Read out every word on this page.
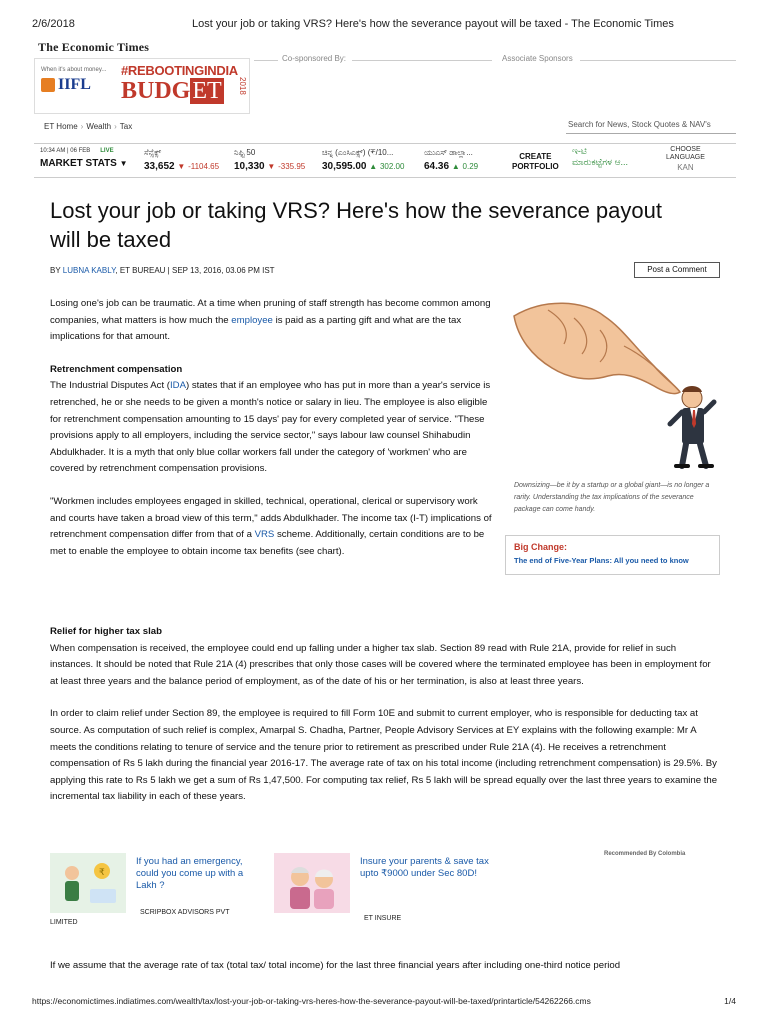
2/6/2018	Lost your job or taking VRS? Here's how the severance payout will be taxed - The Economic Times
The Economic Times
When it's about money...
IIFL
#REBOOTINGINDIA
BUDGET	2018
Co-sponsored By:	Associate Sponsors
ET Home › Wealth › Tax	Search for News, Stock Quotes & NAV's
10:34 AM | 06 FEB LIVE
MARKET STATS ▼
ಸೆನ್ಸೆಕ್ಸ್
33,652 ▼ -1104.65
ನಿಫ್ಟಿ 50
10,330 ▼ -335.95
ಚಿನ್ನ (ಎಂಸಿಎಕ್ಸ್) (₹/10...
30,595.00 ▲ 302.00
ಯುಎಸ್ ಡಾಲ್ಲಾ...
64.36 ▲ 0.29
CREATE
PORTFOLIO
ಇ-ಟಿ
ಮಾರುಕಟ್ಟೆಗಳ ಆ...
CHOOSE
LANGUAGE
KAN
Lost your job or taking VRS? Here's how the severance payout will be taxed
BY LUBNA KABLY, ET BUREAU | SEP 13, 2016, 03.06 PM IST	Post a Comment

Losing one's job can be traumatic. At a time when pruning of staff strength has become common among companies, what matters is how much the employee is paid as a parting gift and what are the tax implications for that amount.

Retrenchment compensation

The Industrial Disputes Act (IDA) states that if an employee who has put in more than a year's service is retrenched, he or she needs to be given a month's notice or salary in lieu. The employee is also eligible for retrenchment compensation amounting to 15 days' pay for every completed year of service. "These provisions apply to all employers, including the service sector," says labour law counsel Shihabudin Abdulkhader. It is a myth that only blue collar workers fall under the category of 'workmen' who are covered by retrenchment compensation provisions.

"Workmen includes employees engaged in skilled, technical, operational, clerical or supervisory work and courts have taken a broad view of this term," adds Abdulkhader. The income tax (I-T) implications of retrenchment compensation differ from that of a VRS scheme. Additionally, certain conditions are to be met to enable the employee to obtain income tax benefits (see chart).

Downsizing—be it by a startup or a global giant—is no longer a rarity. Understanding the tax implications of the severance package can come handy.
Big Change:
The end of Five-Year Plans: All you need to know
Relief for higher tax slab

When compensation is received, the employee could end up falling under a higher tax slab. Section 89 read with Rule 21A, provide for relief in such instances. It should be noted that Rule 21A (4) prescribes that only those cases will be covered where the terminated employee has been in employment for at least three years and the balance period of employment, as of the date of his or her termination, is also at least three years.

In order to claim relief under Section 89, the employee is required to fill Form 10E and submit to current employer, who is responsible for deducting tax at source. As computation of such relief is complex, Amarpal S. Chadha, Partner, People Advisory Services at EY explains with the following example: Mr A meets the conditions relating to tenure of service and the tenure prior to retirement as prescribed under Rule 21A (4). He receives a retrenchment compensation of Rs 5 lakh during the financial year 2016-17. The average rate of tax on his total income (including retrenchment compensation) is 29.5%. By applying this rate to Rs 5 lakh we get a sum of Rs 1,47,500. For computing tax relief, Rs 5 lakh will be spread equally over the last three years to examine the incremental tax liability in each of these years.

Recommended By Colombia
₹
If you had an emergency, could you come up with a Lakh ?
SCRIPBOX ADVISORS PVT
LIMITED
Insure your parents & save tax upto ₹9000 under Sec 80D!
ET INSURE
If we assume that the average rate of tax (total tax/ total income) for the last three financial years after including one-third notice period
https://economictimes.indiatimes.com/wealth/tax/lost-your-job-or-taking-vrs-heres-how-the-severance-payout-will-be-taxed/printarticle/54262266.cms	1/4
